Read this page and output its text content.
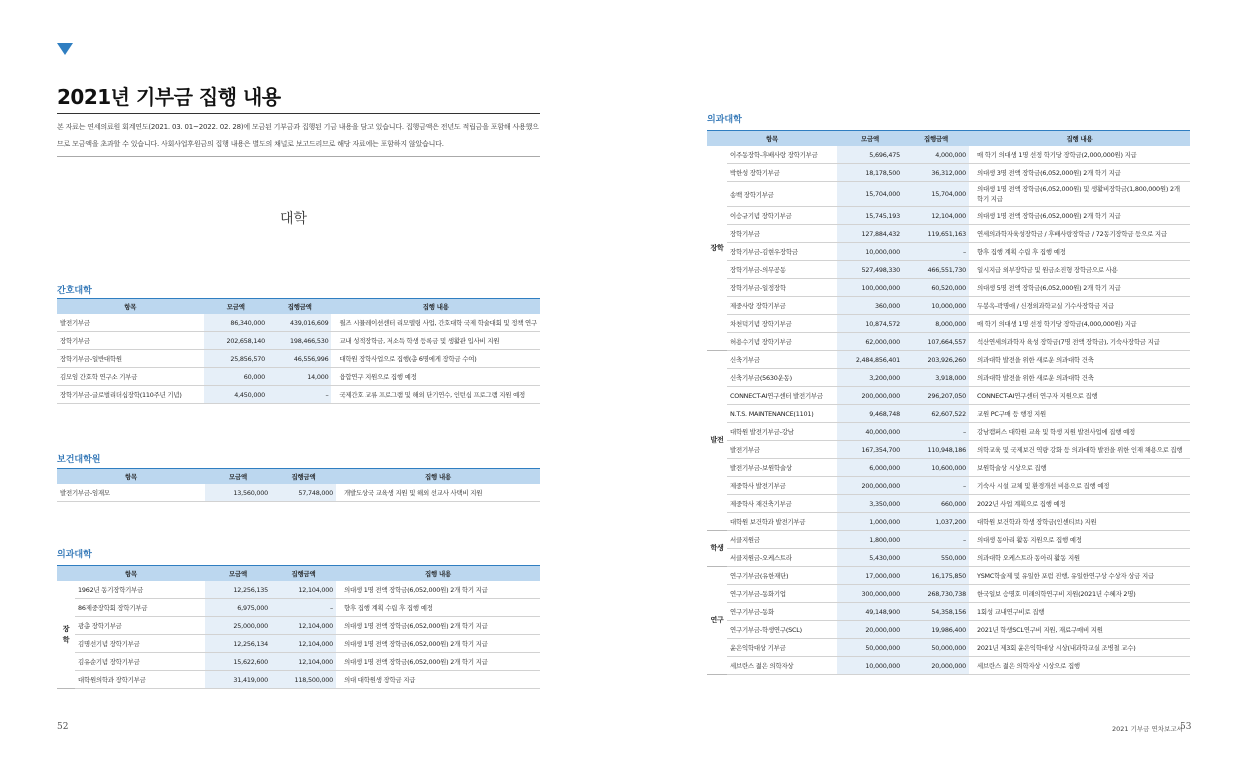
2021년 기부금 집행 내용
본 자료는 연세의료원 회계연도(2021. 03. 01~2022. 02. 28)에 모금된 기부금과 집행된 기금 내용을 담고 있습니다. 집행금액은 전년도 적립금을 포함해 사용했으므로 모금액을 초과할 수 있습니다. 사회사업후원금의 집행 내용은 별도의 채널로 보고드리므로 해당 자료에는 포함하지 않았습니다.
대학
간호대학
항목	모금액	집행금액	집행 내용
발전기부금	86,340,000	439,016,609	윌즈 시뮬레이션센터 리모델링 사업, 간호대학 국제 학술대회 및 정책 연구
장학기부금	202,658,140	198,466,530	교내 성적장학금, 저소득 학생 등록금 및 생활관 입사비 지원
장학기부금-일반대학원	25,856,570	46,556,996	대학원 장학사업으로 집행(총 6명에게 장학금 수여)
김모임 간호학 연구소 기부금	60,000	14,000	융합연구 지원으로 집행 예정
장학기부금-글로벌리더십장학(110주년 기념)	4,450,000	–	국제간호 교류 프로그램 및 해외 단기연수, 인턴십 프로그램 지원 예정
보건대학원
항목	모금액	집행금액	집행 내용
발전기부금-임재모	13,560,000	57,748,000	개발도상국 교육생 지원 및 해외 선교사 사택비 지원
의과대학
항목		모금액	집행금액	집행 내용
장학	1962년 동기장학기부금	12,256,135	12,104,000	의대생 1명 전액 장학금(6,052,000원) 2개 학기 지급
	86제중장학회 장학기부금	6,975,000	–	향후 집행 계획 수립 후 집행 예정
	광총 장학기부금	25,000,000	12,104,000	의대생 1명 전액 장학금(6,052,000원) 2개 학기 지급
	김명선기념 장학기부금	12,256,134	12,104,000	의대생 1명 전액 장학금(6,052,000원) 2개 학기 지급
	김유순기념 장학기부금	15,622,600	12,104,000	의대생 1명 전액 장학금(6,052,000원) 2개 학기 지급
	대학원의학과 장학기부금	31,419,000	118,500,000	의대 대학원생 장학금 지급
의과대학
항목		모금액	집행금액	집행 내용
장학	이주동장학-후배사랑 장학기부금	5,696,475	4,000,000	매 학기 의대생 1명 선정 학기당 장학금(2,000,000원) 지급
	박한성 장학기부금	18,178,500	36,312,000	의대생 3명 전액 장학금(6,052,000원) 2개 학기 지급
	송백 장학기부금	15,704,000	15,704,000	의대생 1명 전액 장학금(6,052,000원) 및 생활비장학금(1,800,000원) 2개 학기 지급
	이승규기념 장학기부금	15,745,193	12,104,000	의대생 1명 전액 장학금(6,052,000원) 2개 학기 지급
	장학기부금	127,884,432	119,651,163	연세의과학자육성장학금 / 후배사랑장학금 / 72동기장학금 등으로 지급
	장학기부금-김현우장학금	10,000,000	–	향후 집행 계획 수립 후 집행 예정
	장학기부금-의무공동	527,498,330	466,551,730	일시지급 외부장학금 및 원금소진형 장학금으로 사용
	장학기부금-일정장학	100,000,000	60,520,000	의대생 5명 전액 장학금(6,052,000원) 2개 학기 지급
	제중사랑 장학기부금	360,000	10,000,000	두봉옥-곽명애 / 신경외과학교실 기수사장학금 지급
	차천덕기념 장학기부금	10,874,572	8,000,000	매 학기 의대생 1명 선정 학기당 장학금(4,000,000원) 지급
	허용수기념 장학기부금	62,000,000	107,664,557	석산연세의과학자 육성 장학금(7명 전액 장학금), 기숙사장학금 지급
발전	신축기부금	2,484,856,401	203,926,260	의과대학 발전을 위한 새로운 의과대학 건축
	신축기부금(5630운동)	3,200,000	3,918,000	의과대학 발전을 위한 새로운 의과대학 건축
	CONNECT-AI연구센터 발전기부금	200,000,000	296,207,050	CONNECT-AI연구센터 연구자 지원으로 집행
	N.T.S. MAINTENANCE(1101)	9,468,748	62,607,522	교원 PC구매 등 행정 지원
	대학원 발전기부금-강남	40,000,000	–	강남캠퍼스 대학원 교육 및 학생 지원 발전사업에 집행 예정
	발전기부금	167,354,700	110,948,186	의학교육 및 국제보건 역량 강화 등 의과대학 발전을 위한 인재 채용으로 집행
	발전기부금-보원학술상	6,000,000	10,600,000	보원학술상 시상으로 집행
	제중학사 발전기부금	200,000,000	–	기숙사 시설 교체 및 환경개선 비용으로 집행 예정
	제중학사 재건축기부금	3,350,000	660,000	2022년 사업 계획으로 집행 예정
	대학원 보건학과 발전기부금	1,000,000	1,037,200	대학원 보건학과 학생 장학금(인센티브) 지원
학생	서클지원금	1,800,000	–	의대생 동아리 활동 지원으로 집행 예정
	서클지원금-오케스트라	5,430,000	550,000	의과대학 오케스트라 동아리 활동 지원
연구	연구기부금(유한재단)	17,000,000	16,175,850	YSMC학술제 및 유일한 포럼 진행, 유일한연구상 수상자 상금 지급
	연구기부금-동화기업	300,000,000	268,730,738	한국일보 승명호 미래의학연구비 지원(2021년 수혜자 2명)
	연구기부금-동화	49,148,900	54,358,156	1회성 교내연구비로 집행
	연구기부금-학생연구(SCL)	20,000,000	19,986,400	2021년 학생SCL연구비 지원, 재료구매비 지원
	윤은익학대상 기부금	50,000,000	50,000,000	2021년 제3회 윤은익학대상 시상(내과학교실 조병철 교수)
	세브란스 젊은 의학자상	10,000,000	20,000,000	세브란스 젊은 의학자상 시상으로 집행
52	2021 기부금 연차보고서
53
